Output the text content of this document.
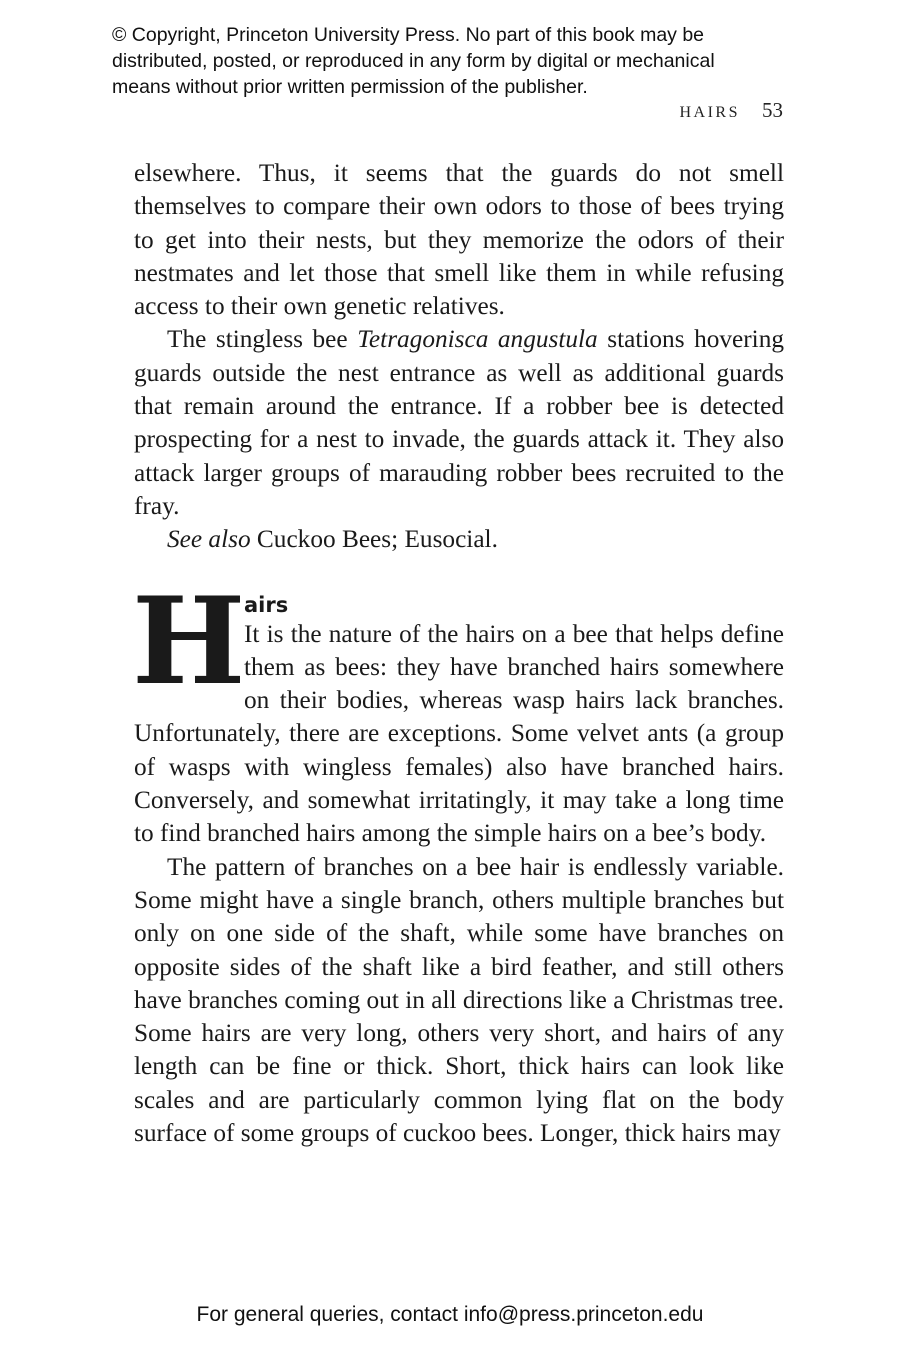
© Copyright, Princeton University Press. No part of this book may be
distributed, posted, or reproduced in any form by digital or mechanical
means without prior written permission of the publisher.
HAIRS 53

elsewhere. Thus, it seems that the guards do not smell themselves to compare their own odors to those of bees trying to get into their nests, but they memorize the odors of their nestmates and let those that smell like them in while refusing access to their own genetic relatives.

The stingless bee Tetragonisca angustula stations hovering guards outside the nest entrance as well as additional guards that remain around the entrance. If a robber bee is detected prospecting for a nest to invade, the guards attack it. They also attack larger groups of marauding robber bees recruited to the fray.

See also Cuckoo Bees; Eusocial.

H
airs

It is the nature of the hairs on a bee that helps define them as bees: they have branched hairs somewhere on their bodies, whereas wasp hairs lack branches. Unfortunately, there are exceptions. Some velvet ants (a group of wasps with wingless females) also have branched hairs. Conversely, and somewhat irritatingly, it may take a long time to find branched hairs among the simple hairs on a bee’s body.

The pattern of branches on a bee hair is endlessly variable. Some might have a single branch, others multiple branches but only on one side of the shaft, while some have branches on opposite sides of the shaft like a bird feather, and still others have branches coming out in all directions like a Christmas tree. Some hairs are very long, others very short, and hairs of any length can be fine or thick. Short, thick hairs can look like scales and are particularly common lying flat on the body surface of some groups of cuckoo bees. Longer, thick hairs may

For general queries, contact info@press.princeton.edu
